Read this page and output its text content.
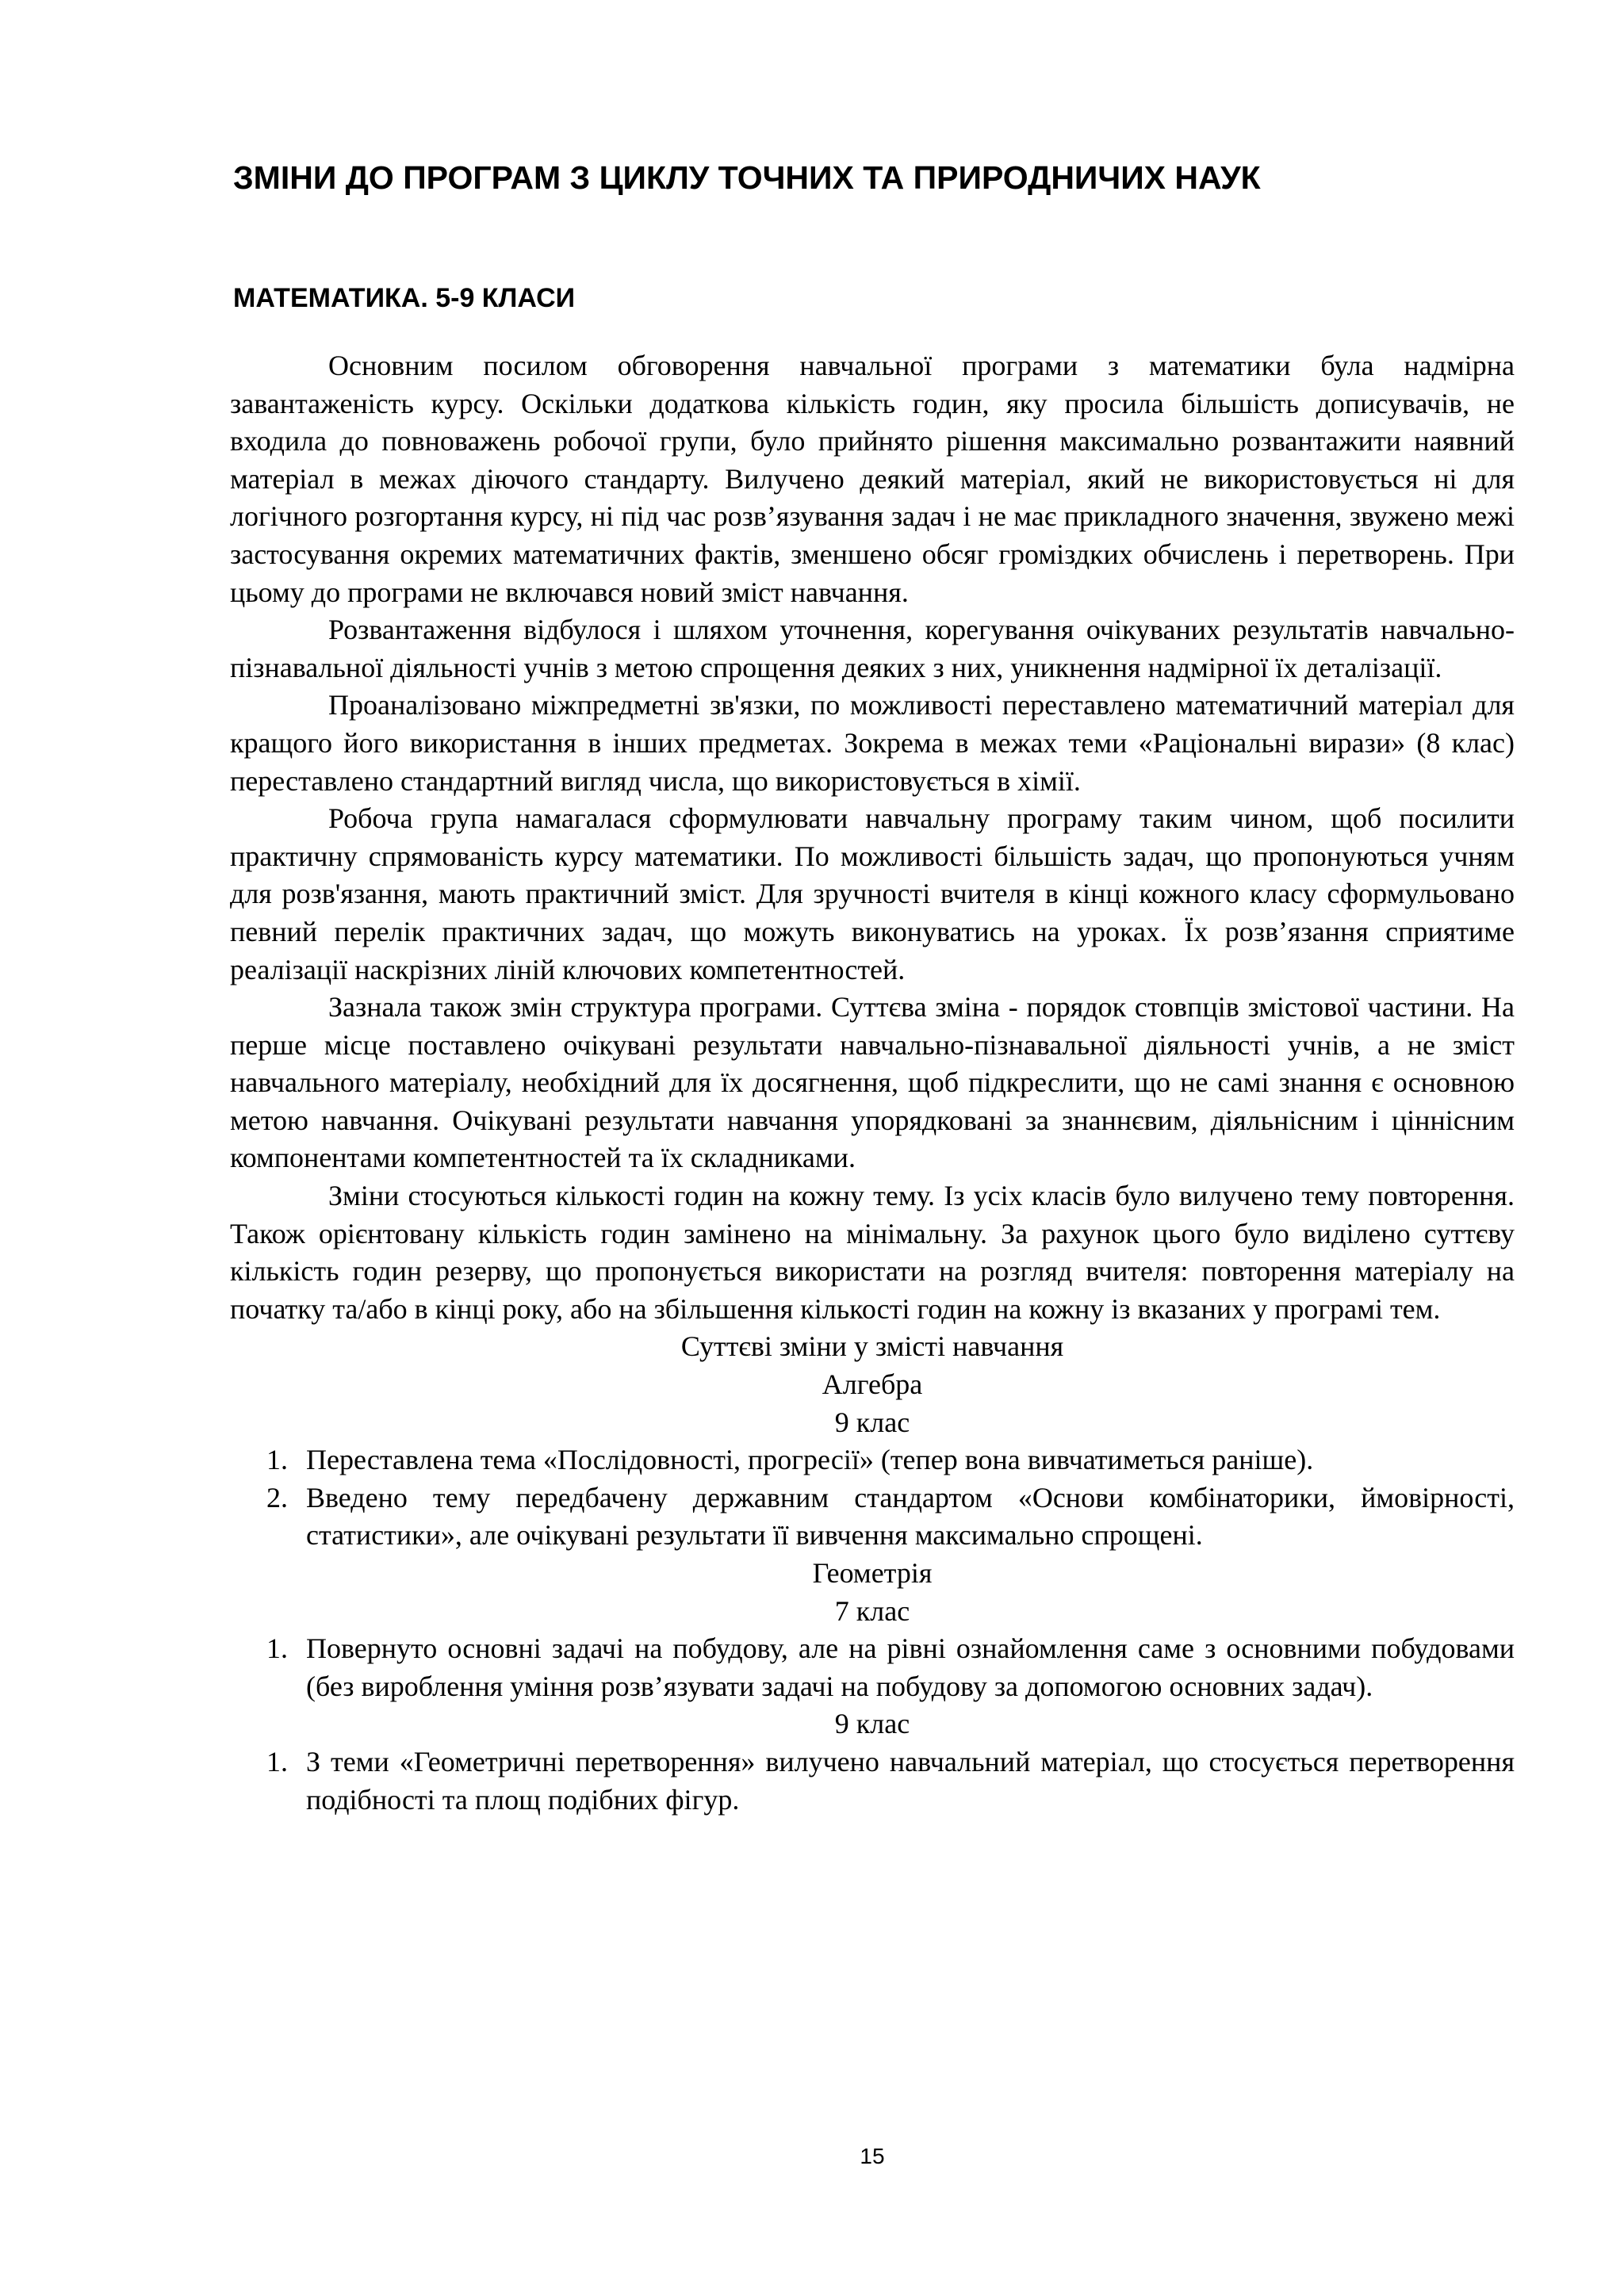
ЗМІНИ ДО ПРОГРАМ З ЦИКЛУ ТОЧНИХ ТА ПРИРОДНИЧИХ НАУК
МАТЕМАТИКА. 5-9 КЛАСИ

Основним посилом обговорення навчальної програми з математики була надмірна завантаженість курсу. Оскільки додаткова кількість годин, яку просила більшість дописувачів, не входила до повноважень робочої групи, було прийнято рішення максимально розвантажити наявний матеріал в межах діючого стандарту. Вилучено деякий матеріал, який не використовується ні для логічного розгортання курсу, ні під час розв’язування задач і не має прикладного значення, звужено межі застосування окремих математичних фактів, зменшено обсяг громіздких обчислень і перетворень. При цьому до програми не включався новий зміст навчання.

Розвантаження відбулося і шляхом уточнення, корегування очікуваних результатів навчально-пізнавальної діяльності учнів з метою спрощення деяких з них, уникнення надмірної їх деталізації.

Проаналізовано міжпредметні зв'язки, по можливості переставлено математичний матеріал для кращого його використання в інших предметах. Зокрема в межах теми «Раціональні вирази» (8 клас) переставлено стандартний вигляд числа, що використовується в хімії.

Робоча група намагалася сформулювати навчальну програму таким чином, щоб посилити практичну спрямованість курсу математики. По можливості більшість задач, що пропонуються учням для розв'язання, мають практичний зміст. Для зручності вчителя в кінці кожного класу сформульовано певний перелік практичних задач, що можуть виконуватись на уроках. Їх розв’язання сприятиме реалізації наскрізних ліній ключових компетентностей.

Зазнала також змін структура програми. Суттєва зміна - порядок стовпців змістової частини. На перше місце поставлено очікувані результати навчально-пізнавальної діяльності учнів, а не зміст навчального матеріалу, необхідний для їх досягнення, щоб підкреслити, що не самі знання є основною метою навчання. Очікувані результати навчання упорядковані за знаннєвим, діяльнісним і ціннісним компонентами компетентностей та їх складниками.

Зміни стосуються кількості годин на кожну тему. Із усіх класів було вилучено тему повторення. Також орієнтовану кількість годин замінено на мінімальну. За рахунок цього було виділено суттєву кількість годин резерву, що пропонується використати на розгляд вчителя: повторення матеріалу на початку та/або в кінці року, або на збільшення кількості годин на кожну із вказаних у програмі тем.

Суттєві зміни у змісті навчання

Алгебра

9 клас

1. Переставлена тема «Послідовності, прогресії» (тепер вона вивчатиметься раніше).
2. Введено тему передбачену державним стандартом «Основи комбінаторики, ймовірності, статистики», але очікувані результати її вивчення максимально спрощені.

Геометрія

7 клас

1. Повернуто основні задачі на побудову, але на рівні ознайомлення саме з основними побудовами (без вироблення уміння розв’язувати задачі на побудову за допомогою основних задач).

9 клас

1. З теми «Геометричні перетворення» вилучено навчальний матеріал, що стосується перетворення подібності та площ подібних фігур.
15
